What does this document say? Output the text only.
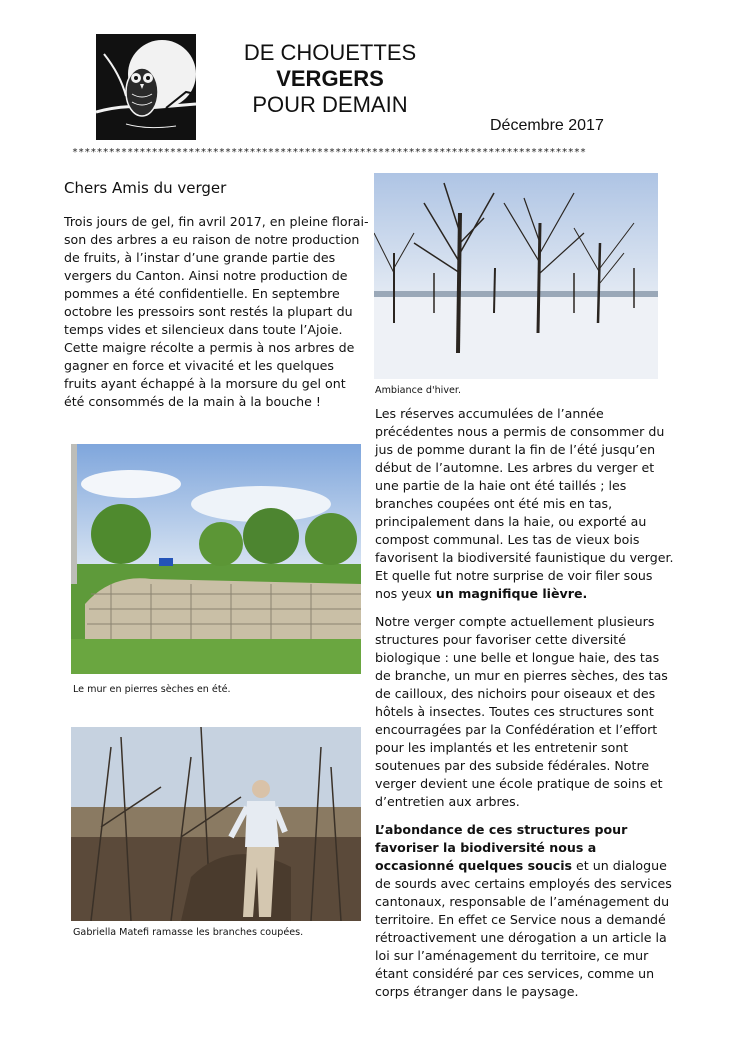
DE CHOUETTES
VERGERS
POUR DEMAIN
Décembre 2017
************************************************************************************
Chers Amis du verger

Trois jours de gel, fin avril 2017, en pleine floraison des arbres a eu raison de notre production de fruits, à l’instar d’une grande partie des vergers du Canton. Ainsi notre production de pommes a été confidentielle. En septembre octobre les pressoirs sont restés la plupart du temps vides et silencieux dans toute l’Ajoie.

Cette maigre récolte a permis à nos arbres de gagner en force et vivacité et les quelques fruits ayant échappé à la morsure du gel ont été consommés de la main à la bouche !

Ambiance d'hiver.
Le mur en pierres sèches en été.
Gabriella Matefi ramasse les branches coupées.

Les réserves accumulées de l’année précédentes nous a permis de consommer du jus de pomme durant la fin de l’été jusqu’en début de l’automne. Les arbres du verger et une partie de la haie ont été taillés ; les branches coupées ont été mis en tas, principalement dans la haie, ou exporté au compost communal. Les tas de vieux bois favorisent la biodiversité faunistique du verger. Et quelle fut notre surprise de voir filer sous nos yeux un magnifique lièvre.

Notre verger compte actuellement plusieurs structures pour favoriser cette diversité biologique : une belle et longue haie, des tas de branche, un mur en pierres sèches, des tas de cailloux, des nichoirs pour oiseaux et des hôtels à insectes. Toutes ces structures sont encourragées par la Confédération et l’effort pour les implantés et les entretenir sont soutenues par des subside fédérales. Notre verger devient une école pratique de soins et d’entretien aux arbres.

L’abondance de ces structures pour favoriser la biodiversité nous a occasionné quelques soucis et un dialogue de sourds avec certains employés des services cantonaux, responsable de l’aménagement du territoire. En effet ce Service nous a demandé rétroactivement une dérogation a un article la loi sur l’aménagement du territoire, ce mur étant considéré par ces services, comme un corps étranger dans le paysage.
